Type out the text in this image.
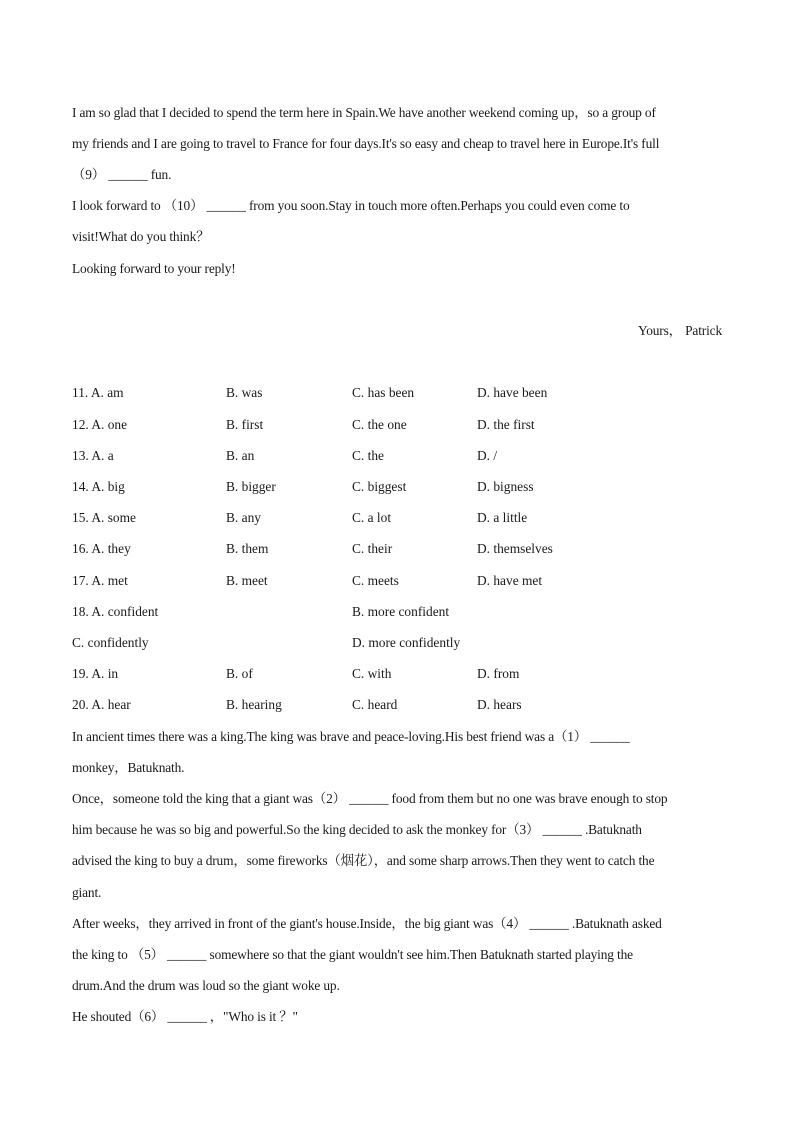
I am so glad that I decided to spend the term here in Spain.We have another weekend coming up，so a group of
my friends and I are going to travel to France for four days.It's so easy and cheap to travel here in Europe.It's full
（9） ______ fun.
I look forward to （10） ______ from you soon.Stay in touch more often.Perhaps you could even come to
visit!What do you think？
Looking forward to your reply!
Yours， Patrick
11. A. am	B. was	C. has been	D. have been
12. A. one	B. first	C. the one	D. the first
13. A. a	B. an	C. the	D. /
14. A. big	B. bigger	C. biggest	D. bigness
15. A. some	B. any	C. a lot	D. a little
16. A. they	B. them	C. their	D. themselves
17. A. met	B. meet	C. meets	D. have met
18. A. confident	B. more confident
C. confidently	D. more confidently
19. A. in	B. of	C. with	D. from
20. A. hear	B. hearing	C. heard	D. hears
In ancient times there was a king.The king was brave and peace-loving.His best friend was a（1） ______
monkey，Batuknath.
Once，someone told the king that a giant was（2） ______ food from them but no one was brave enough to stop
him because he was so big and powerful.So the king decided to ask the monkey for（3） ______ .Batuknath
advised the king to buy a drum，some fireworks（烟花），and some sharp arrows.Then they went to catch the
giant.
After weeks，they arrived in front of the giant's house.Inside，the big giant was（4） ______ .Batuknath asked
the king to （5） ______ somewhere so that the giant wouldn't see him.Then Batuknath started playing the
drum.And the drum was loud so the giant woke up.
He shouted（6） ______ ，"Who is it ？"
